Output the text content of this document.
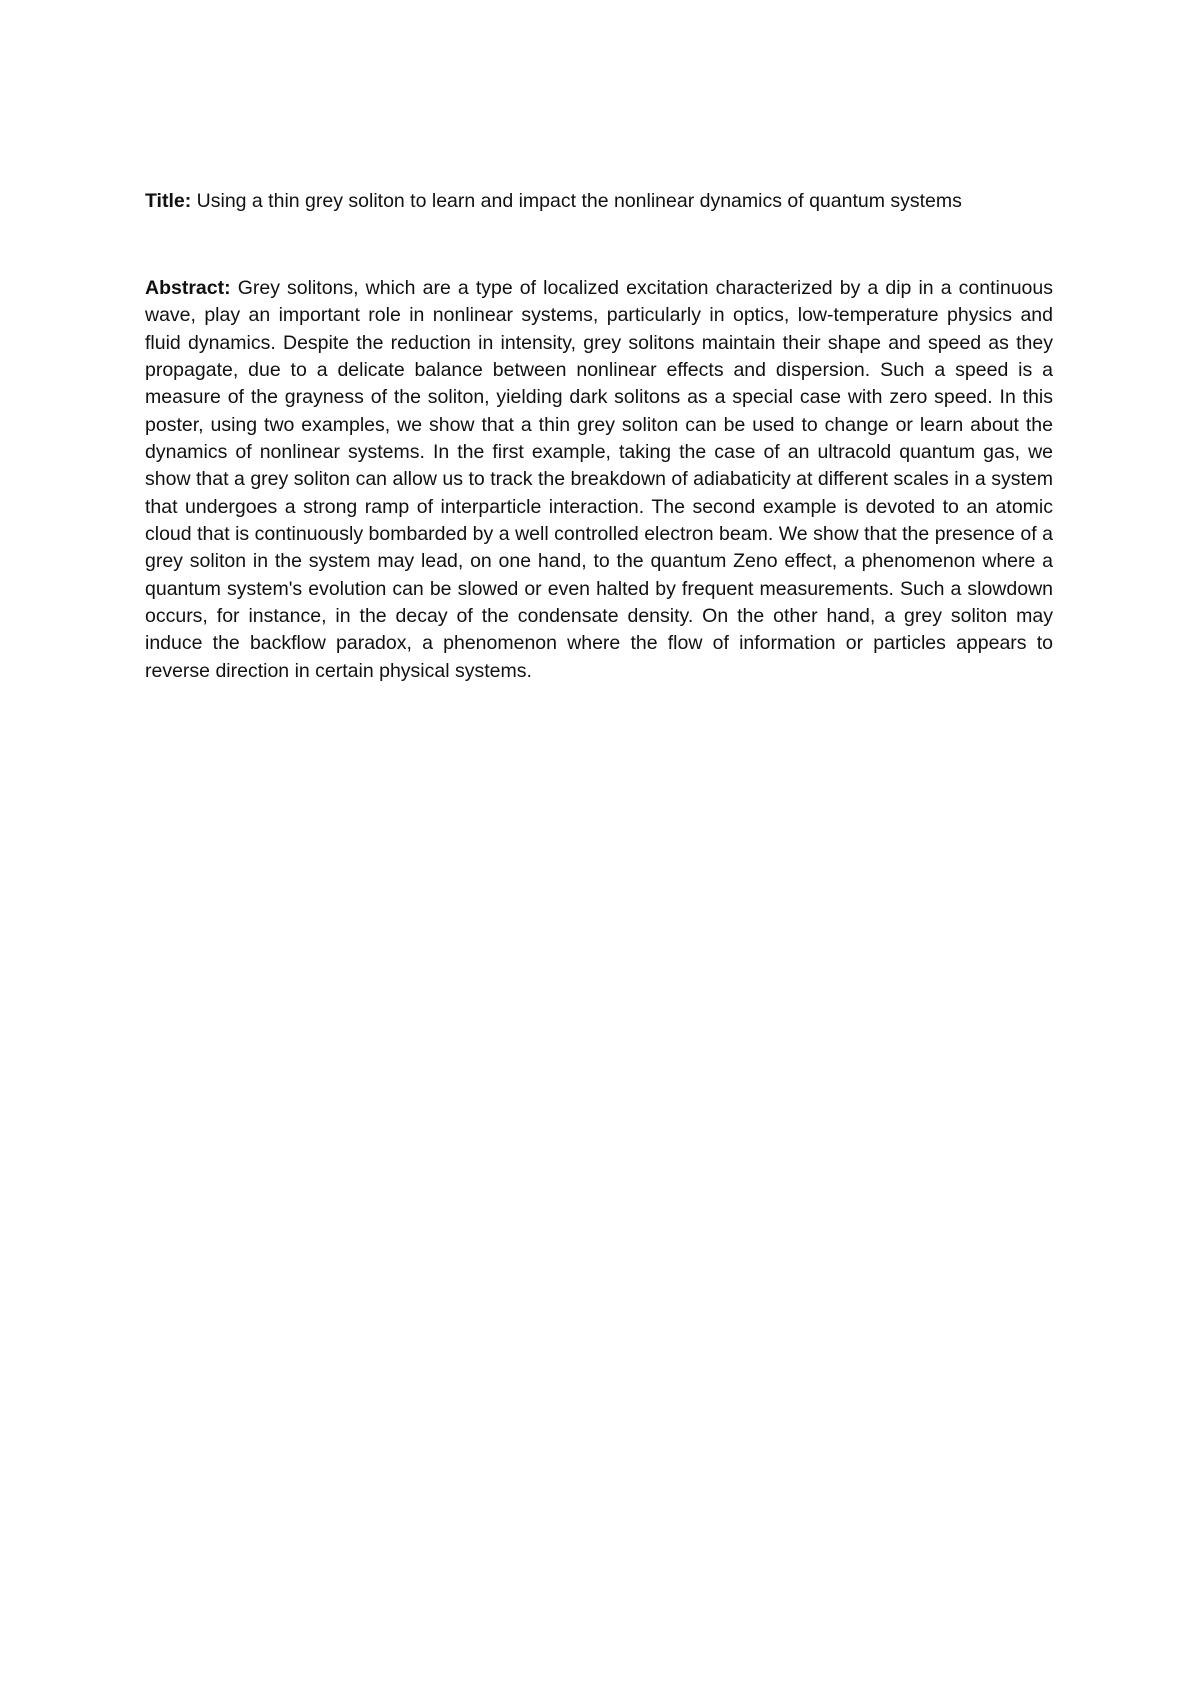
Title: Using a thin grey soliton to learn and impact the nonlinear dynamics of quantum systems
Abstract: Grey solitons, which are a type of localized excitation characterized by a dip in a continuous wave, play an important role in nonlinear systems, particularly in optics, low-temperature physics and fluid dynamics. Despite the reduction in intensity, grey solitons maintain their shape and speed as they propagate, due to a delicate balance between nonlinear effects and dispersion. Such a speed is a measure of the grayness of the soliton, yielding dark solitons as a special case with zero speed. In this poster, using two examples, we show that a thin grey soliton can be used to change or learn about the dynamics of nonlinear systems. In the first example, taking the case of an ultracold quantum gas, we show that a grey soliton can allow us to track the breakdown of adiabaticity at different scales in a system that undergoes a strong ramp of interparticle interaction. The second example is devoted to an atomic cloud that is continuously bombarded by a well controlled electron beam. We show that the presence of a grey soliton in the system may lead, on one hand, to the quantum Zeno effect, a phenomenon where a quantum system's evolution can be slowed or even halted by frequent measurements. Such a slowdown occurs, for instance, in the decay of the condensate density. On the other hand, a grey soliton may induce the backflow paradox, a phenomenon where the flow of information or particles appears to reverse direction in certain physical systems.
